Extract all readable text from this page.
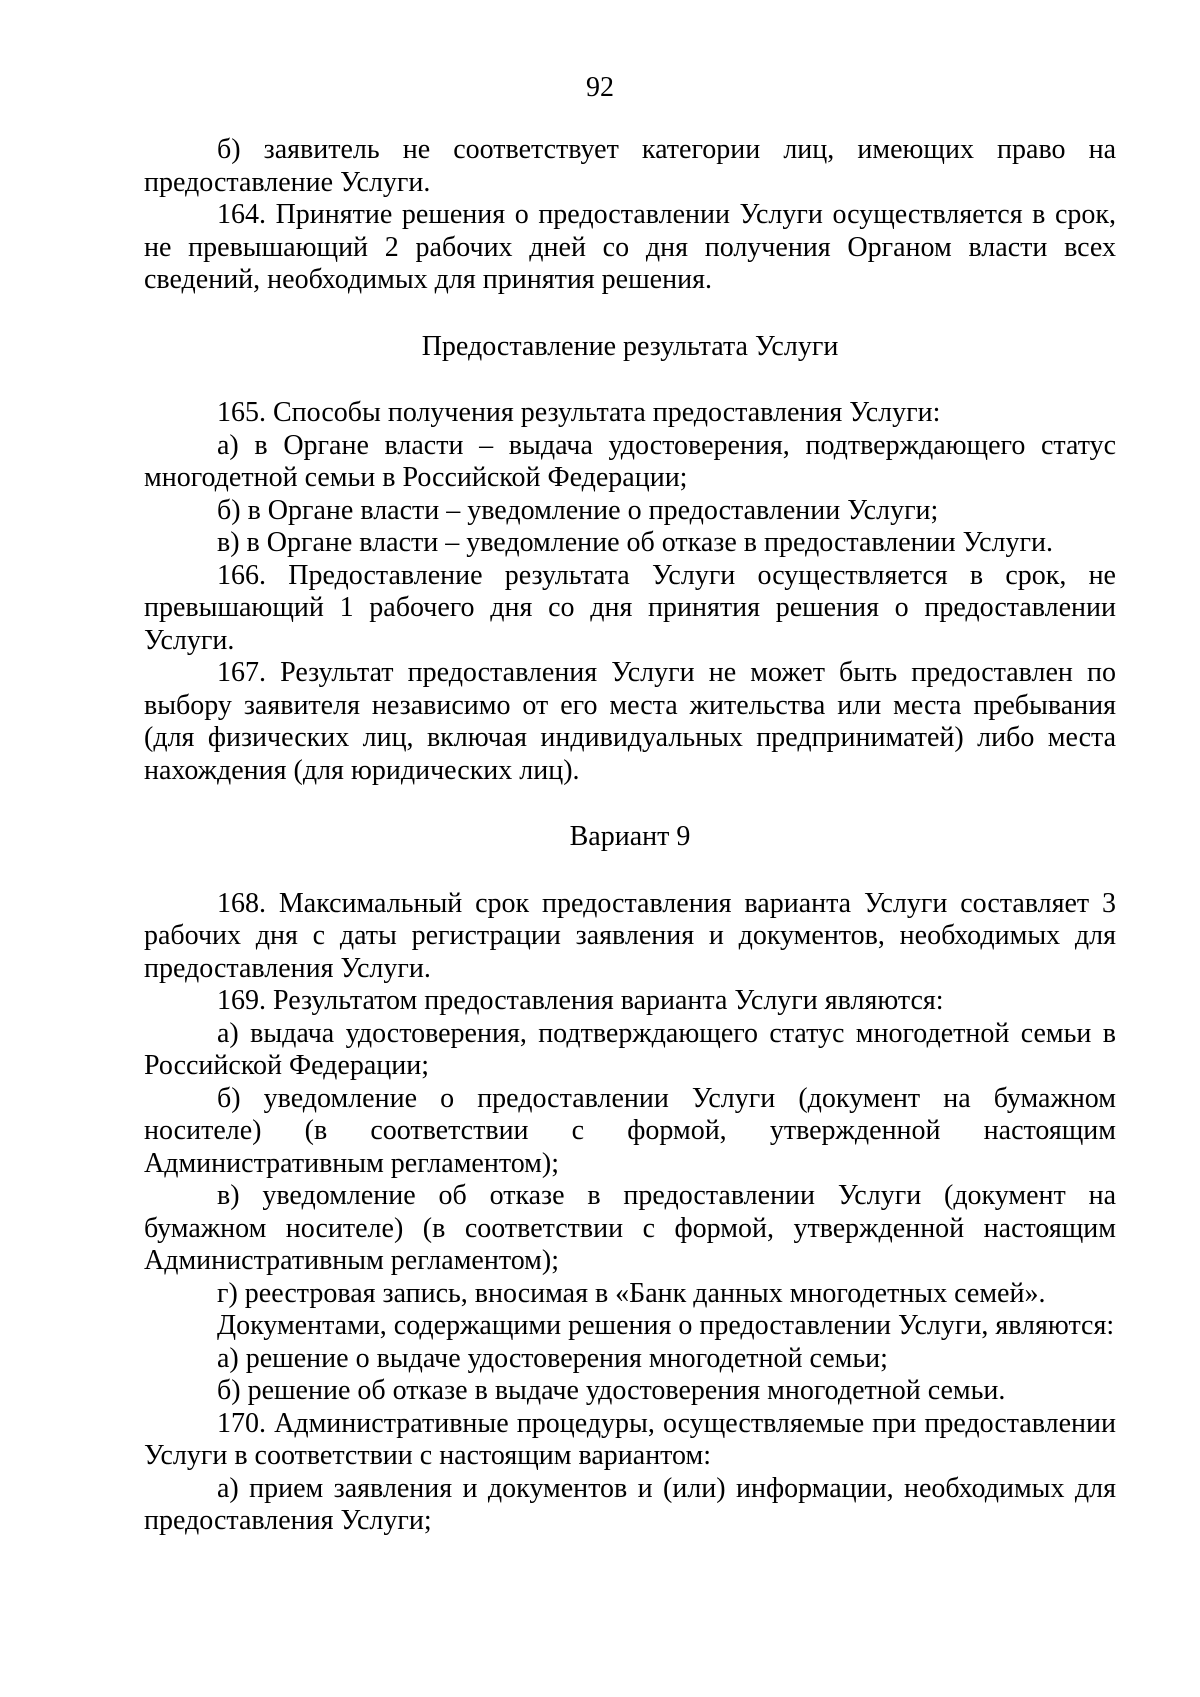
92

б) заявитель не соответствует категории лиц, имеющих право на предоставление Услуги.

164. Принятие решения о предоставлении Услуги осуществляется в срок, не превышающий 2 рабочих дней со дня получения Органом власти всех сведений, необходимых для принятия решения.

Предоставление результата Услуги

165. Способы получения результата предоставления Услуги:

а) в Органе власти – выдача удостоверения, подтверждающего статус многодетной семьи в Российской Федерации;

б) в Органе власти – уведомление о предоставлении Услуги;

в) в Органе власти – уведомление об отказе в предоставлении Услуги.

166. Предоставление результата Услуги осуществляется в срок, не превышающий 1 рабочего дня со дня принятия решения о предоставлении Услуги.

167. Результат предоставления Услуги не может быть предоставлен по выбору заявителя независимо от его места жительства или места пребывания (для физических лиц, включая индивидуальных предприниматей) либо места нахождения (для юридических лиц).

Вариант 9

168. Максимальный срок предоставления варианта Услуги составляет 3 рабочих дня с даты регистрации заявления и документов, необходимых для предоставления Услуги.

169. Результатом предоставления варианта Услуги являются:

а) выдача удостоверения, подтверждающего статус многодетной семьи в Российской Федерации;

б) уведомление о предоставлении Услуги (документ на бумажном носителе) (в соответствии с формой, утвержденной настоящим Административным регламентом);

в) уведомление об отказе в предоставлении Услуги (документ на бумажном носителе) (в соответствии с формой, утвержденной настоящим Административным регламентом);

г) реестровая запись, вносимая в «Банк данных многодетных семей».

Документами, содержащими решения о предоставлении Услуги, являются:

а) решение о выдаче удостоверения многодетной семьи;

б) решение об отказе в выдаче удостоверения многодетной семьи.

170. Административные процедуры, осуществляемые при предоставлении Услуги в соответствии с настоящим вариантом:

а) прием заявления и документов и (или) информации, необходимых для предоставления Услуги;
